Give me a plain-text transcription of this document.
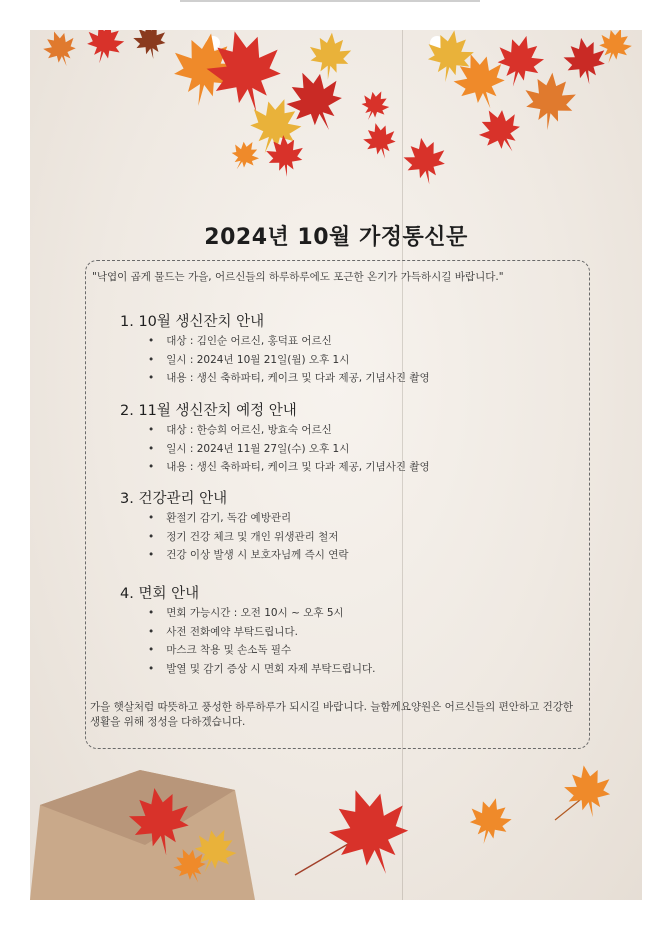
2024년 10월 가정통신문
"낙엽이 곱게 물드는 가을, 어르신들의 하루하루에도 포근한 온기가 가득하시길 바랍니다."
1. 10월 생신잔치 안내
• 대상 : 김인순 어르신, 홍덕표 어르신
• 일시 : 2024년 10월 21일(월) 오후 1시
• 내용 : 생신 축하파티, 케이크 및 다과 제공, 기념사진 촬영
2. 11월 생신잔치 예정 안내
• 대상 : 한승희 어르신, 방효숙 어르신
• 일시 : 2024년 11월 27일(수) 오후 1시
• 내용 : 생신 축하파티, 케이크 및 다과 제공, 기념사진 촬영
3. 건강관리 안내
• 환절기 감기, 독감 예방관리
• 정기 건강 체크 및 개인 위생관리 철저
• 건강 이상 발생 시 보호자님께 즉시 연락
4. 면회 안내
• 면회 가능시간 : 오전 10시 ~ 오후 5시
• 사전 전화예약 부탁드립니다.
• 마스크 착용 및 손소독 필수
• 발열 및 감기 증상 시 면회 자제 부탁드립니다.
가을 햇살처럼 따뜻하고 풍성한 하루하루가 되시길 바랍니다. 늘함께요양원은 어르신들의 편안하고 건강한 생활을 위해 정성을 다하겠습니다.
